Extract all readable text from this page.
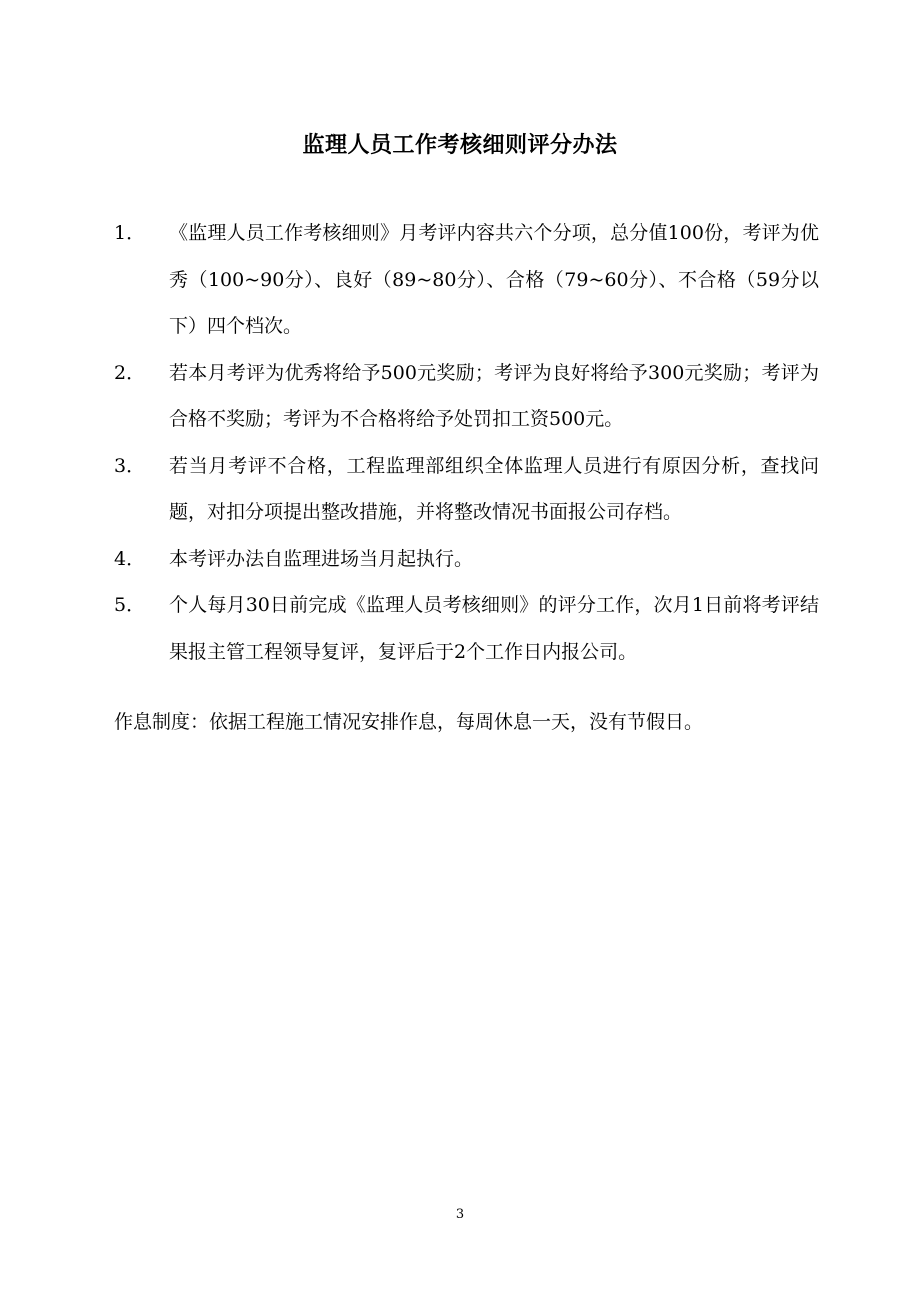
监理人员工作考核细则评分办法
1．	《监理人员工作考核细则》月考评内容共六个分项，总分值100份，考评为优秀（100~90分）、良好（89~80分）、合格（79~60分）、不合格（59分以下）四个档次。
2．	若本月考评为优秀将给予500元奖励；考评为良好将给予300元奖励；考评为合格不奖励；考评为不合格将给予处罚扣工资500元。
3．	若当月考评不合格，工程监理部组织全体监理人员进行有原因分析，查找问题，对扣分项提出整改措施，并将整改情况书面报公司存档。
4．	本考评办法自监理进场当月起执行。
5．	个人每月30日前完成《监理人员考核细则》的评分工作，次月1日前将考评结果报主管工程领导复评，复评后于2个工作日内报公司。

作息制度：依据工程施工情况安排作息，每周休息一天，没有节假日。

3
